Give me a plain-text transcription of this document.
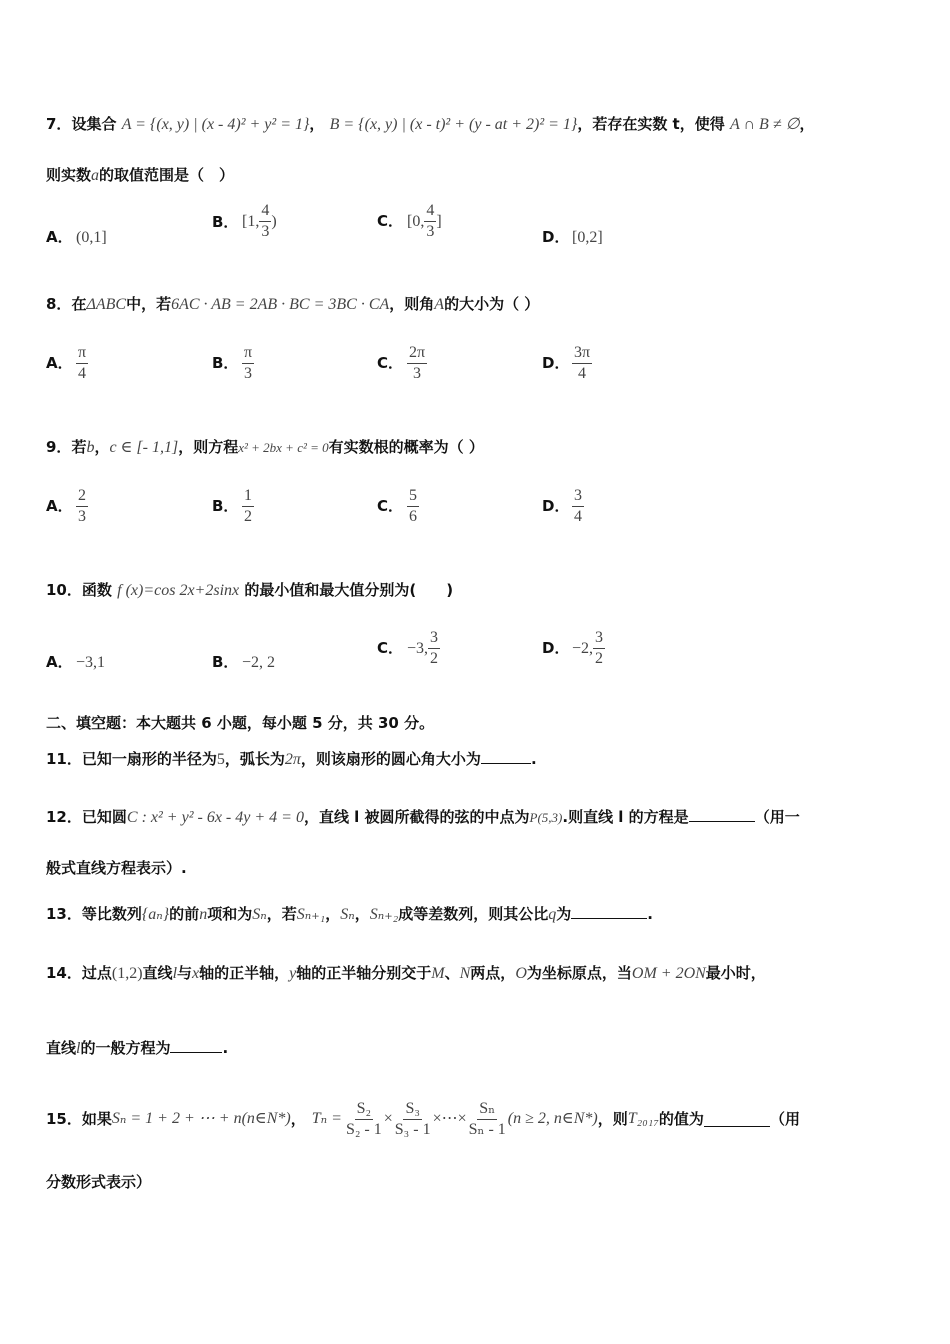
7．设集合 A = {(x, y) | (x - 4)² + y² = 1}， B = {(x, y) | (x - t)² + (y - at + 2)² = 1}，若存在实数 t，使得 A ∩ B ≠ ∅，
则实数a的取值范围是（　）
A． (0,1]
B． [1, $\frac{4}{3}$ )	C． [0, $\frac{4}{3}$ ]
D． [0,2]
8．在ΔABC中，若6AC · AB = 2AB · BC = 3BC · CA，则角A的大小为（ ）
A． $\frac{\pi}{4}$	B． $\frac{\pi}{3}$	C． $\frac{2\pi}{3}$	D． $\frac{3\pi}{4}$
9．若b，c ∈ [- 1,1]，则方程x² + 2bx + c² = 0有实数根的概率为（ ）
A． $\frac{2}{3}$	B． $\frac{1}{2}$	C． $\frac{5}{6}$	D． $\frac{3}{4}$
10．函数 f (x)=cos 2x+2sinx 的最小值和最大值分别为(　　)
A． −3,1	B． −2, 2
C． −3, $\frac{3}{2}$	D． −2, $\frac{3}{2}$
二、填空题：本大题共 6 小题，每小题 5 分，共 30 分。
11．已知一扇形的半径为5，弧长为2π，则该扇形的圆心角大小为	.
12．已知圆C : x² + y² - 6x - 4y + 4 = 0，直线 l 被圆所截得的弦的中点为P(5,3).则直线 l 的方程是	（用一
般式直线方程表示）.
13．等比数列{aₙ}的前n项和为Sₙ，若Sₙ₊₁，Sₙ，Sₙ₊₂成等差数列，则其公比q为	.
14．过点(1,2)直线l与x轴的正半轴，y轴的正半轴分别交于M、N两点，O为坐标原点，当OM + 2ON最小时，
直线l的一般方程为	.
15． 如果 Sₙ = 1 + 2 + ⋯ + n(n∈N*) ， $T_n = \frac{\text{S₂}}{\text{S₂ - 1}} \times \frac{\text{S₃}}{\text{S₃ - 1}}$ ×⋯× $\frac{\text{Sₙ}}{\text{Sₙ - 1}} (n \ge 2$, n∈N*) ，则 T₂₀₁₇ 的值为	（用
分数形式表示）
